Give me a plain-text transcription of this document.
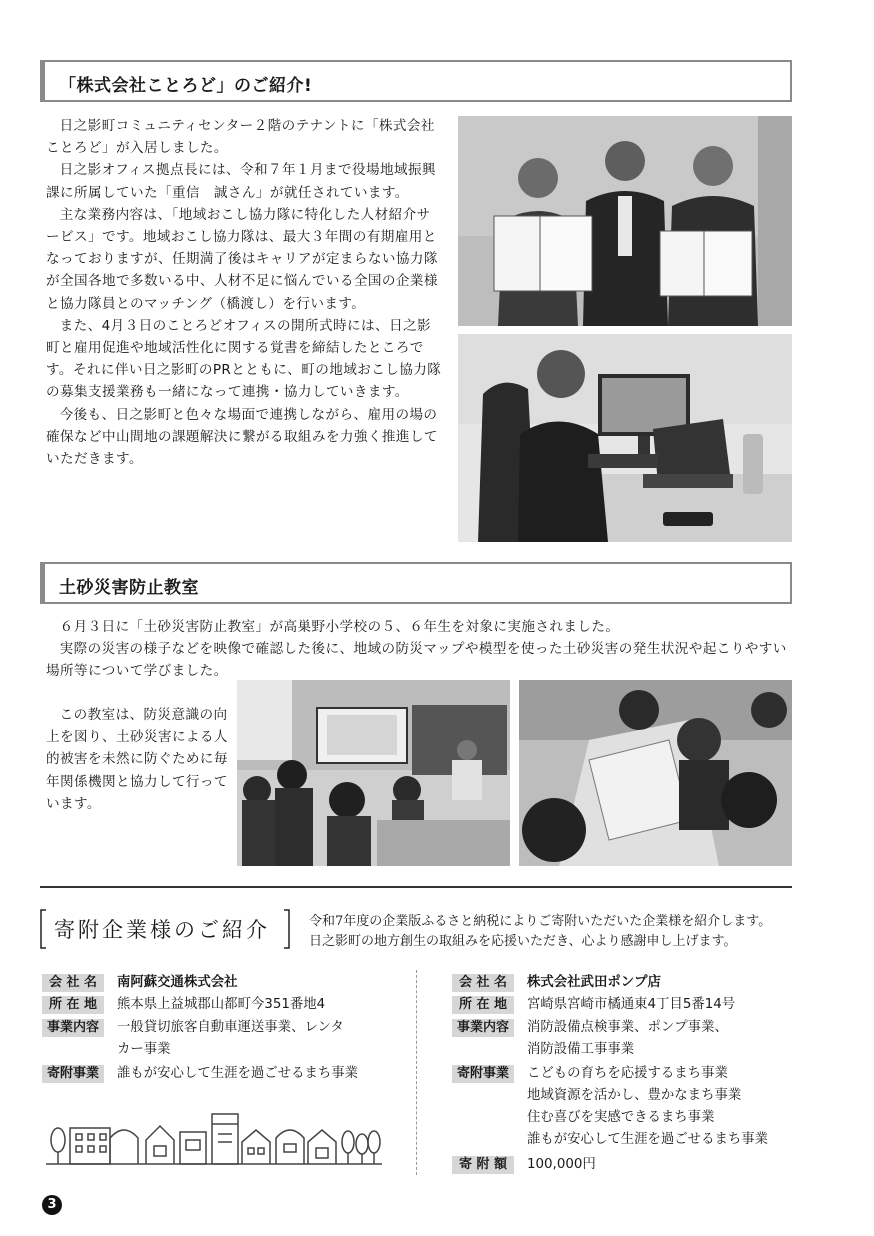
「株式会社ことろど」のご紹介!

日之影町コミュニティセンター２階のテナントに「株式会社ことろど」が入居しました。

日之影オフィス拠点長には、令和７年１月まで役場地域振興課に所属していた「重信　誠さん」が就任されています。

主な業務内容は、「地域おこし協力隊に特化した人材紹介サービス」です。地域おこし協力隊は、最大３年間の有期雇用となっておりますが、任期満了後はキャリアが定まらない協力隊が全国各地で多数いる中、人材不足に悩んでいる全国の企業様と協力隊員とのマッチング（橋渡し）を行います。

また、4月３日のことろどオフィスの開所式時には、日之影町と雇用促進や地域活性化に関する覚書を締結したところです。それに伴い日之影町のPRとともに、町の地域おこし協力隊の募集支援業務も一緒になって連携・協力していきます。

今後も、日之影町と色々な場面で連携しながら、雇用の場の確保など中山間地の課題解決に繋がる取組みを力強く推進していただきます。

土砂災害防止教室

６月３日に「土砂災害防止教室」が高巣野小学校の５、６年生を対象に実施されました。

実際の災害の様子などを映像で確認した後に、地域の防災マップや模型を使った土砂災害の発生状況や起こりやすい場所等について学びました。

この教室は、防災意識の向上を図り、土砂災害による人的被害を未然に防ぐために毎年関係機関と協力して行っています。

寄附企業様のご紹介	令和7年度の企業版ふるさと納税によりご寄附いただいた企業様を紹介します。
日之影町の地方創生の取組みを応援いただき、心より感謝申し上げます。
会 社 名	南阿蘇交通株式会社
所 在 地	熊本県上益城郡山都町今351番地4
事業内容	一般貸切旅客自動車運送事業、レンタ
カー事業
寄附事業	誰もが安心して生涯を過ごせるまち事業
会 社 名	株式会社武田ポンプ店
所 在 地	宮崎県宮崎市橘通東4丁目5番14号
事業内容	消防設備点検事業、ポンプ事業、
消防設備工事事業
寄附事業	こどもの育ちを応援するまち事業
地域資源を活かし、豊かなまち事業
住む喜びを実感できるまち事業
誰もが安心して生涯を過ごせるまち事業
寄 附 額	100,000円
3
